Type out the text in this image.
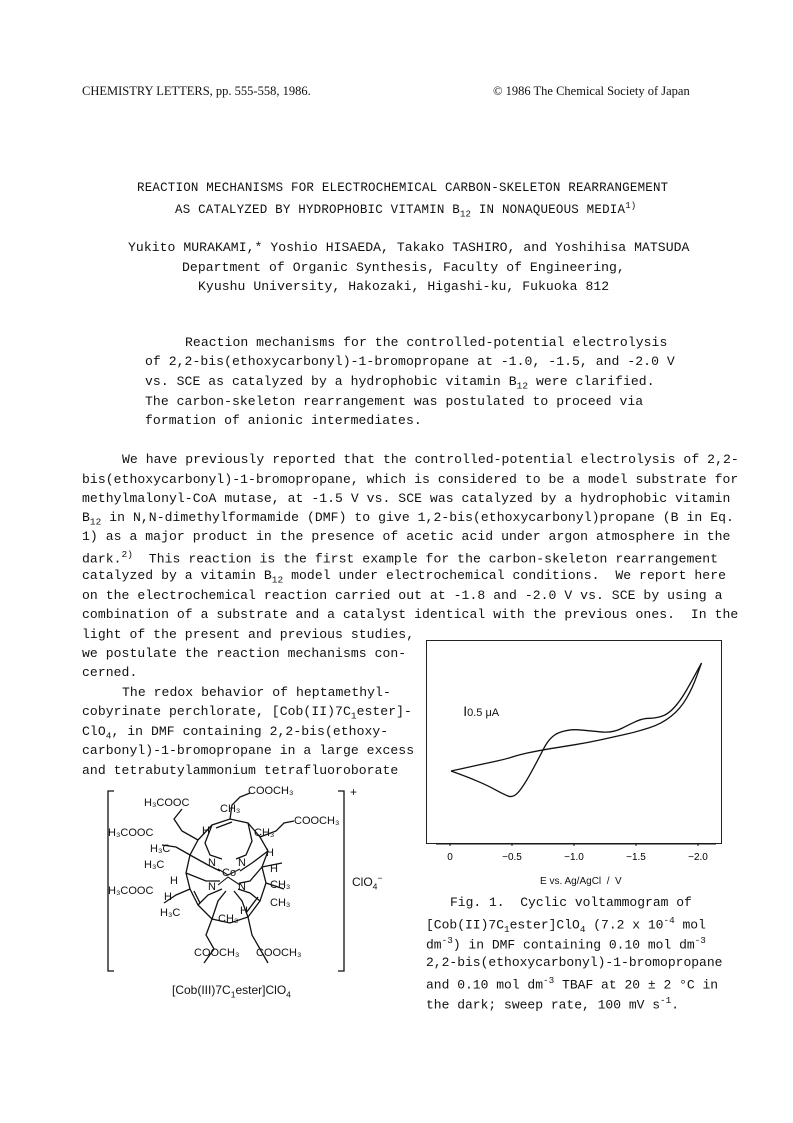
CHEMISTRY LETTERS, pp. 555-558, 1986.	© 1986 The Chemical Society of Japan
REACTION MECHANISMS FOR ELECTROCHEMICAL CARBON-SKELETON REARRANGEMENT
AS CATALYZED BY HYDROPHOBIC VITAMIN $B_{12}$ IN NONAQUEOUS MEDIA$^{1)}$
Yukito MURAKAMI,* Yoshio HISAEDA, Takako TASHIRO, and Yoshihisa MATSUDA
Department of Organic Synthesis, Faculty of Engineering,
Kyushu University, Hakozaki, Higashi-ku, Fukuoka 812
Reaction mechanisms for the controlled-potential electrolysis
of 2,2-bis(ethoxycarbonyl)-1-bromopropane at -1.0, -1.5, and -2.0 V
vs. SCE as catalyzed by a hydrophobic vitamin $B_{12}$ were clarified.
The carbon-skeleton rearrangement was postulated to proceed via
formation of anionic intermediates.
We have previously reported that the controlled-potential electrolysis of 2,2-
bis(ethoxycarbonyl)-1-bromopropane, which is considered to be a model substrate for
methylmalonyl-CoA mutase, at -1.5 V vs. SCE was catalyzed by a hydrophobic vitamin
$B_{12}$ in N,N-dimethylformamide (DMF) to give 1,2-bis(ethoxycarbonyl)propane (B in Eq.
1) as a major product in the presence of acetic acid under argon atmosphere in the
dark.$^{2)}$  This reaction is the first example for the carbon-skeleton rearrangement
catalyzed by a vitamin $B_{12}$ model under electrochemical conditions.  We report here
on the electrochemical reaction carried out at -1.8 and -2.0 V vs. SCE by using a
combination of a substrate and a catalyst identical with the previous ones.  In the
light of the present and previous studies,
we postulate the reaction mechanisms con-
cerned.
The redox behavior of heptamethyl-
cobyrinate perchlorate, $[Cob(II)7C_1ester]-$
ClO$_4$, in DMF containing 2,2-bis(ethoxy-
carbonyl)-1-bromopropane in a large excess
and tetrabutylammonium tetrafluoroborate
H₃COOC
COOCH₃
COOCH₃
H₃COOC
H₃C
H₃C
H₃COOC
H₃C
COOCH₃ COOCH₃
CH₃
CH₃
CH₃
CH₃
CH₃
Co
N N
N N
H
H
H
H
H
H
+
ClO$_4$−
$[Cob(III)7C_1ester]ClO_4$

I0.5 μA

0	−0.5	−1.0	−1.5	−2.0
E vs. Ag/AgCl  /  V
Fig. 1.  Cyclic voltammogram of
$[Cob(II)7C_1ester]ClO_4$ (7.2 x $10^{-4}$ mol
$dm^{-3}$) in DMF containing 0.10 mol $dm^{-3}$
2,2-bis(ethoxycarbonyl)-1-bromopropane
and 0.10 mol $dm^{-3}$ TBAF at 20 ± 2 °C in
the dark; sweep rate, 100 mV $s^{-1}$.
